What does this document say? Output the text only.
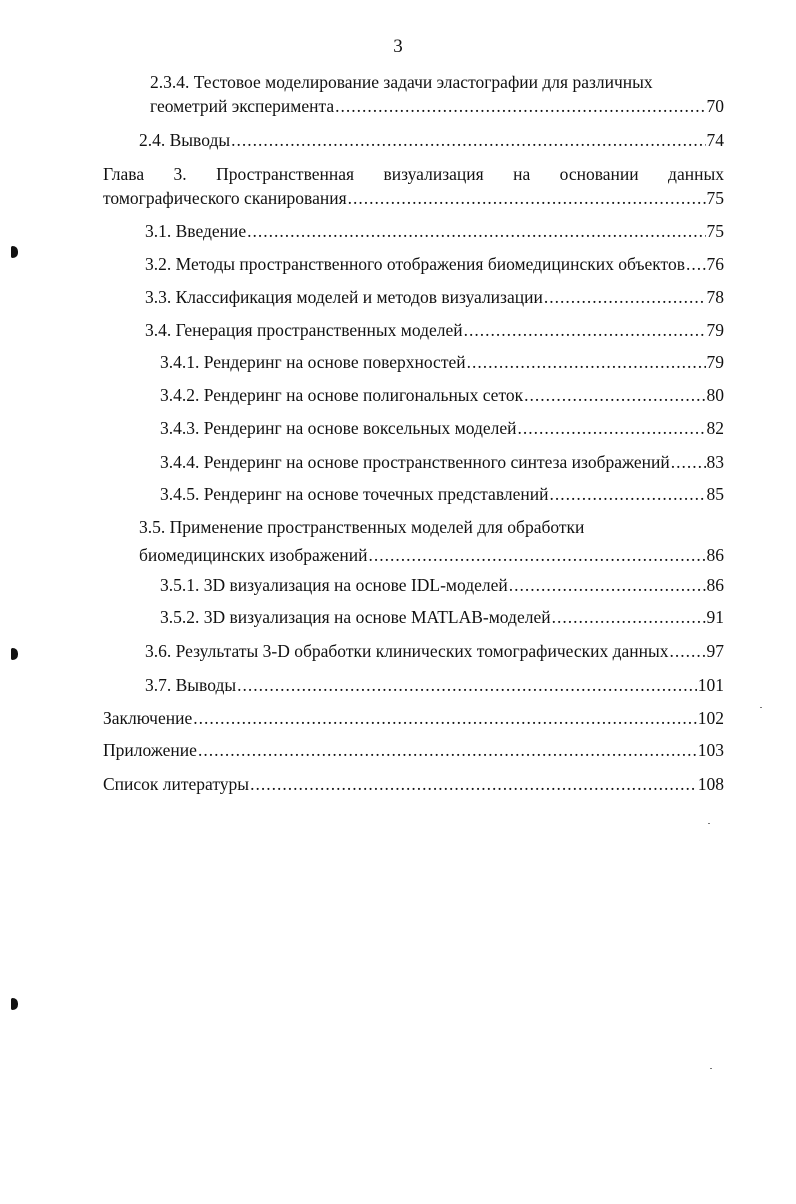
3
2.3.4. Тестовое моделирование задачи эластографии для различных
геометрий эксперимента .....	70
2.4. Выводы .....	74
Глава 3. Пространственная визуализация на основании данных
томографического сканирования .....	75
3.1. Введение .....	75
3.2. Методы пространственного отображения биомедицинских объектов ..... 76
3.3. Классификация моделей и методов визуализации .....	78
3.4. Генерация пространственных моделей .....	79
3.4.1. Рендеринг на основе поверхностей .....	79
3.4.2. Рендеринг на основе полигональных сеток .....	80
3.4.3. Рендеринг на основе воксельных моделей .....	82
3.4.4. Рендеринг на основе пространственного синтеза изображений ..... 83
3.4.5. Рендеринг на основе точечных представлений .....	85
3.5. Применение пространственных моделей для обработки
биомедицинских изображений .....	86
3.5.1. 3D визуализация на основе IDL-моделей .....	86
3.5.2. 3D визуализация на основе MATLAB-моделей .....	91
3.6. Результаты 3-D обработки клинических томографических данных ..... 97
3.7. Выводы .....	101
Заключение .....	102
Приложение .....	103
Список литературы .....	108
